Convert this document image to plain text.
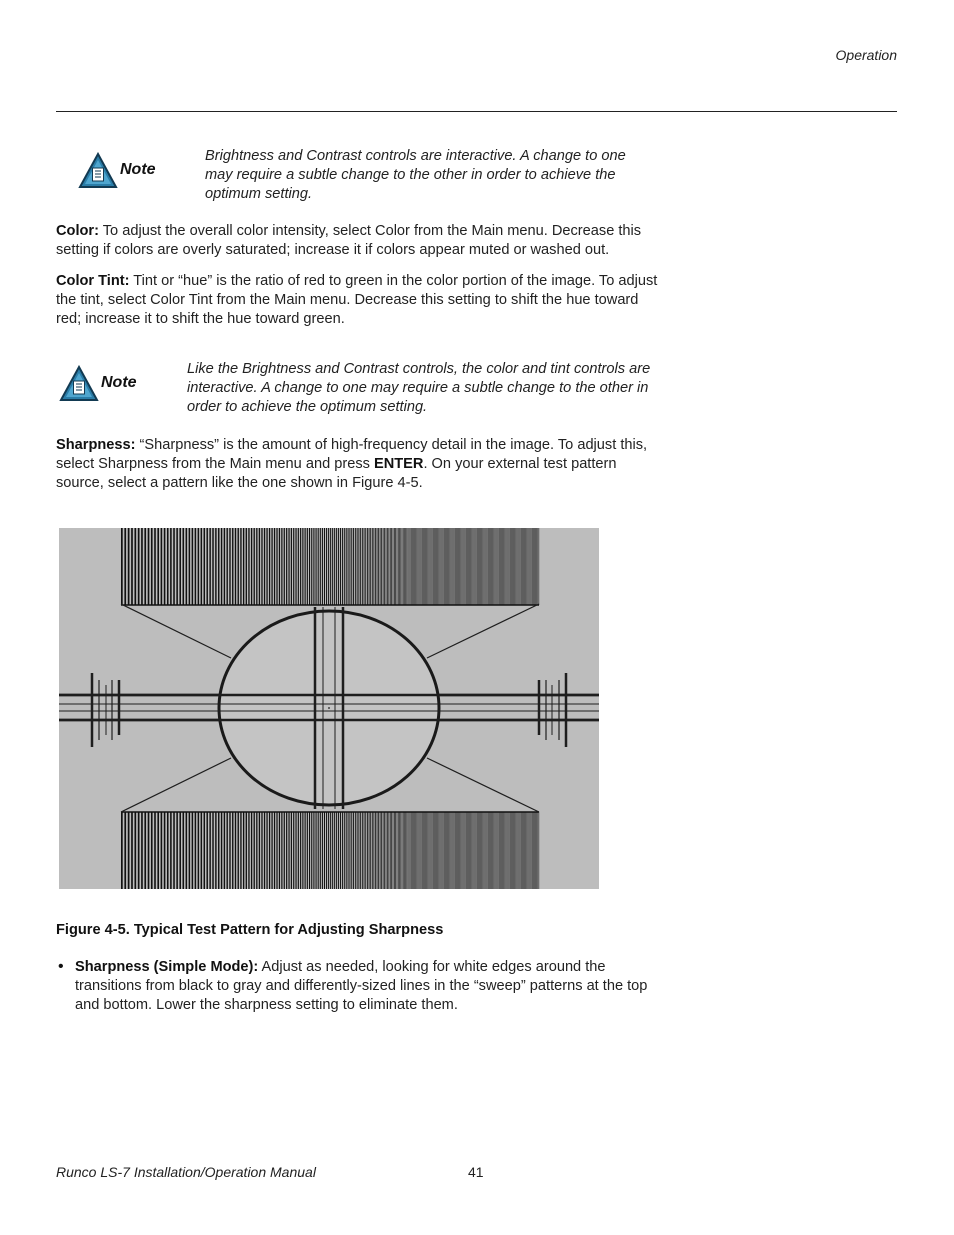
Operation
Note
Brightness and Contrast controls are interactive. A change to one may require a subtle change to the other in order to achieve the optimum setting.
Color: To adjust the overall color intensity, select Color from the Main menu. Decrease this setting if colors are overly saturated; increase it if colors appear muted or washed out.
Color Tint: Tint or “hue” is the ratio of red to green in the color portion of the image. To adjust the tint, select Color Tint from the Main menu. Decrease this setting to shift the hue toward red; increase it to shift the hue toward green.
Note
Like the Brightness and Contrast controls, the color and tint controls are interactive. A change to one may require a subtle change to the other in order to achieve the optimum setting.
Sharpness: “Sharpness” is the amount of high-frequency detail in the image. To adjust this, select Sharpness from the Main menu and press ENTER. On your external test pattern source, select a pattern like the one shown in Figure 4-5.
Figure 4-5. Typical Test Pattern for Adjusting Sharpness
• Sharpness (Simple Mode): Adjust as needed, looking for white edges around the transitions from black to gray and differently-sized lines in the “sweep” patterns at the top and bottom. Lower the sharpness setting to eliminate them.
Runco LS-7 Installation/Operation Manual	41
